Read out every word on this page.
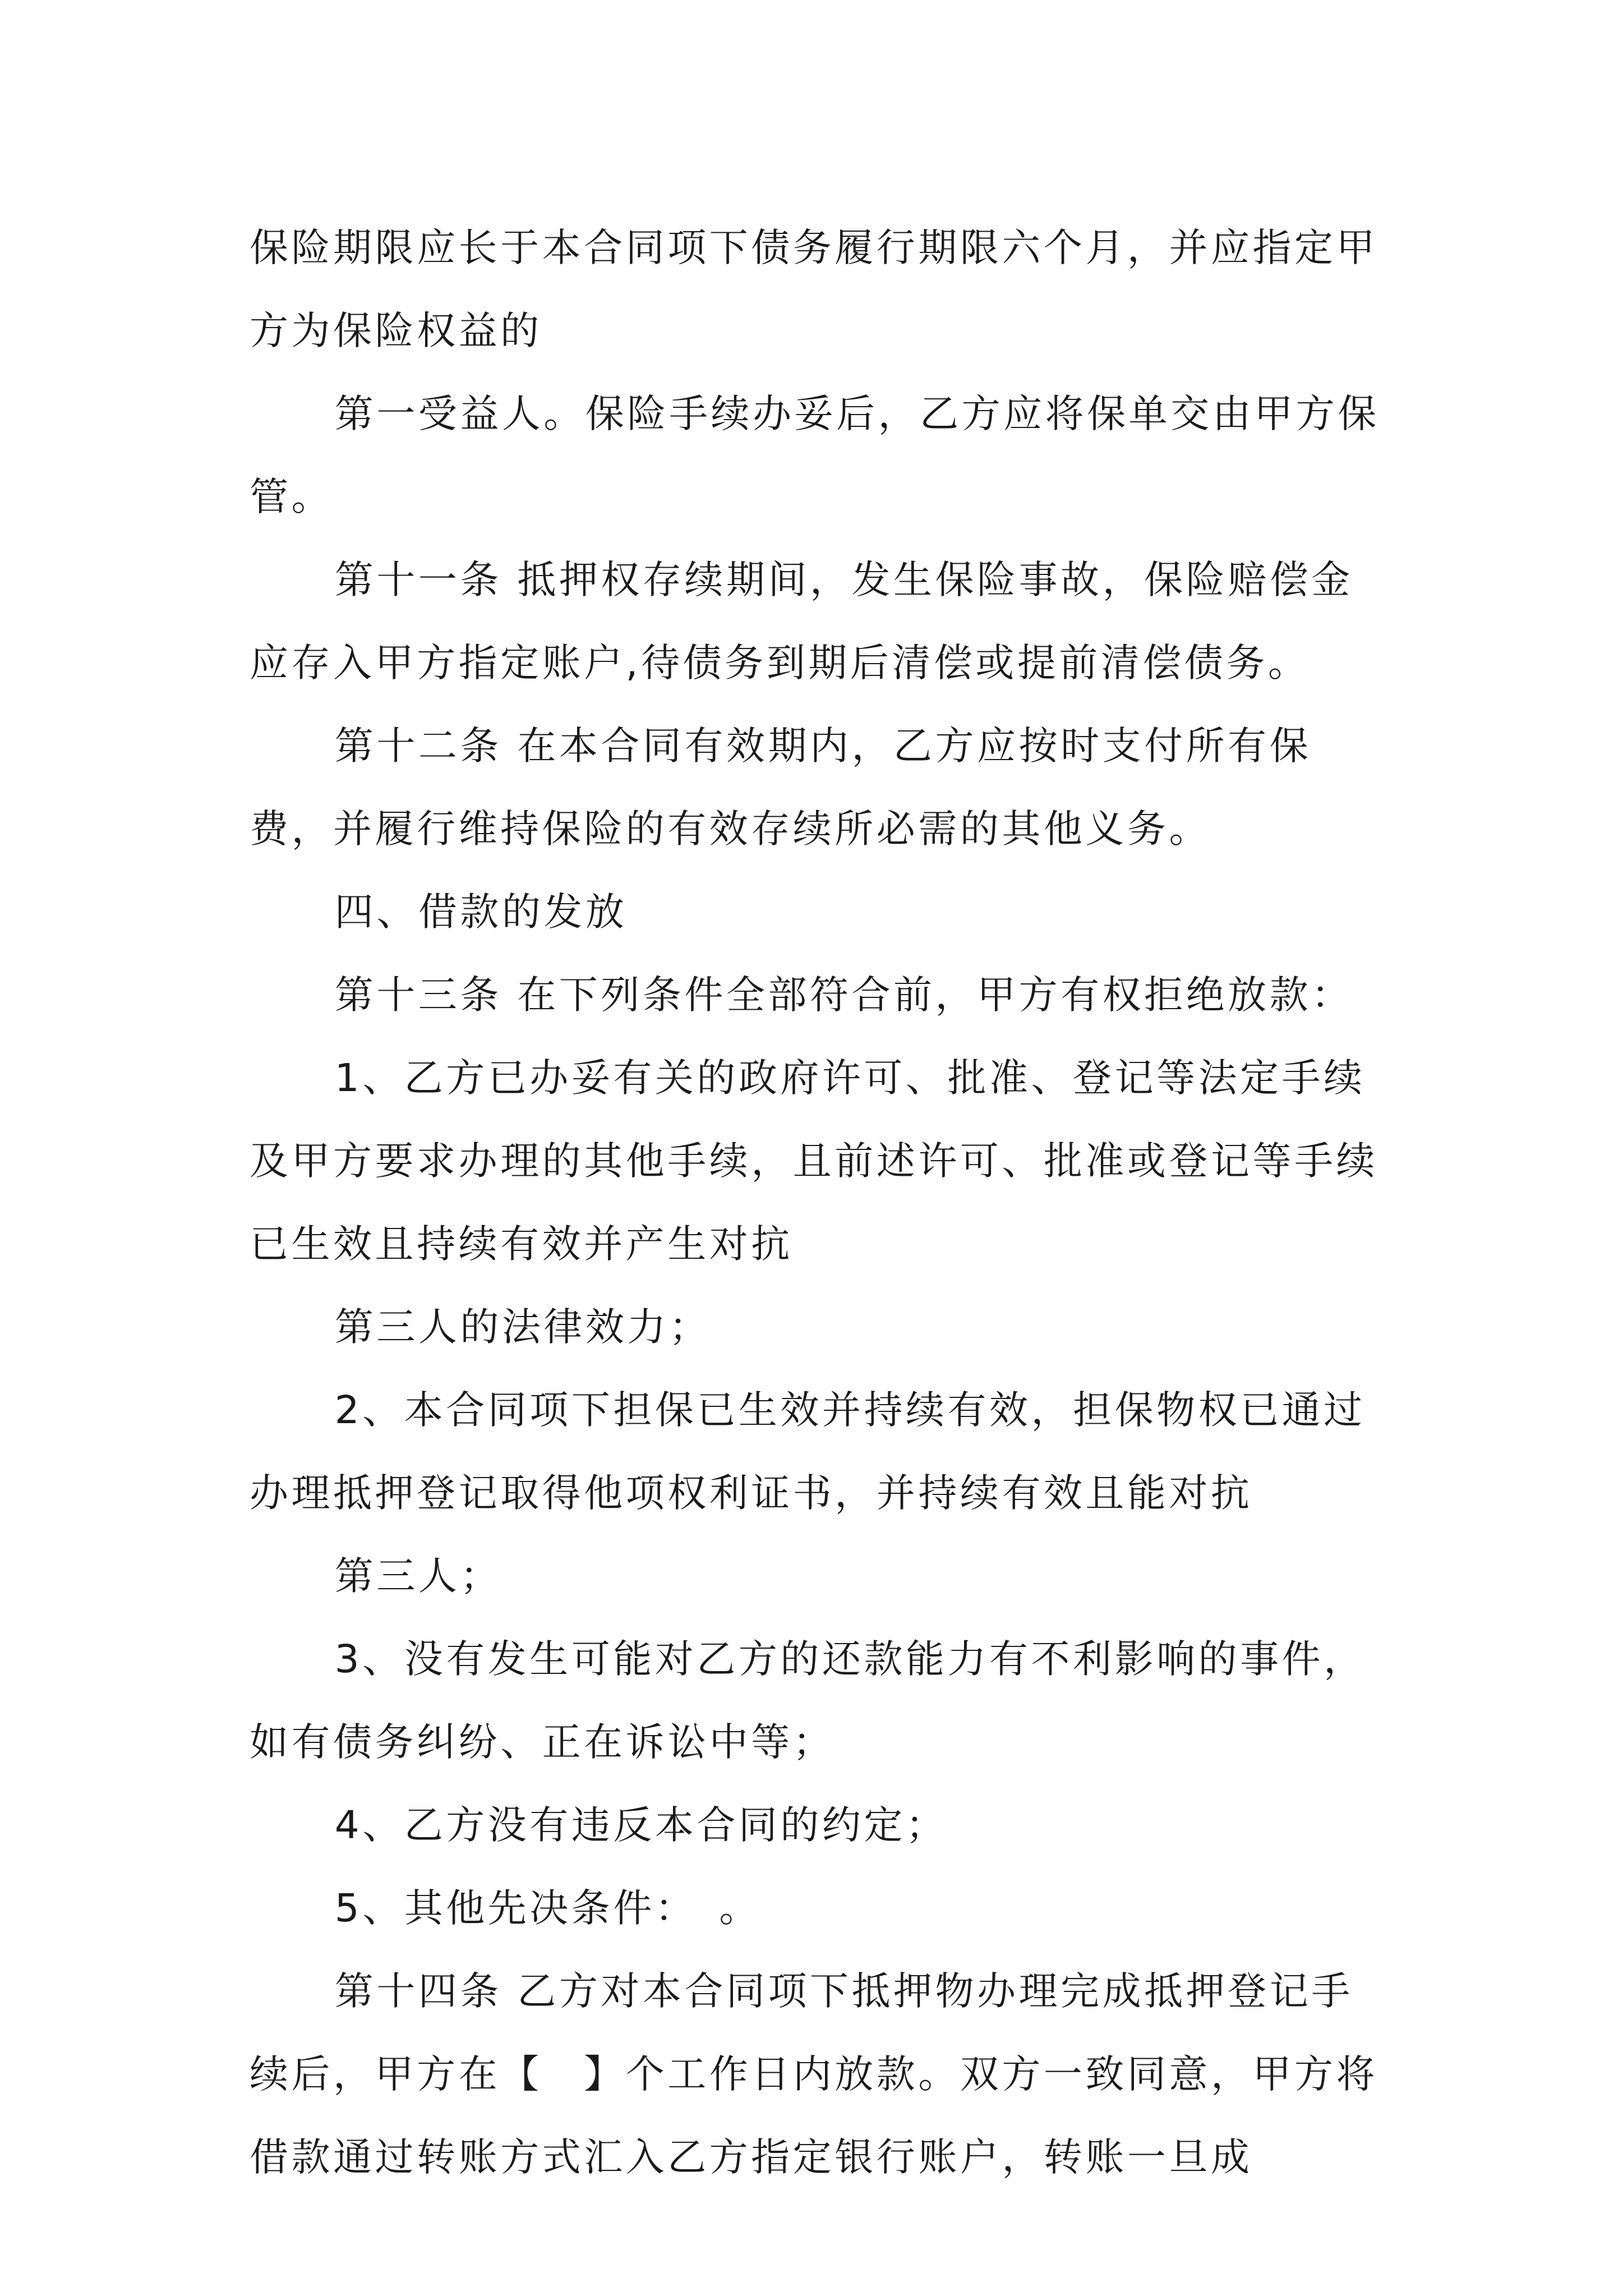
保险期限应长于本合同项下债务履行期限六个月，并应指定甲方为保险权益的

第一受益人。保险手续办妥后，乙方应将保单交由甲方保管。

第十一条 抵押权存续期间，发生保险事故，保险赔偿金应存入甲方指定账户,待债务到期后清偿或提前清偿债务。

第十二条 在本合同有效期内，乙方应按时支付所有保费，并履行维持保险的有效存续所必需的其他义务。

四、借款的发放

第十三条 在下列条件全部符合前，甲方有权拒绝放款：

1、乙方已办妥有关的政府许可、批准、登记等法定手续及甲方要求办理的其他手续，且前述许可、批准或登记等手续已生效且持续有效并产生对抗

第三人的法律效力；

2、本合同项下担保已生效并持续有效，担保物权已通过办理抵押登记取得他项权利证书，并持续有效且能对抗

第三人；

3、没有发生可能对乙方的还款能力有不利影响的事件，如有债务纠纷、正在诉讼中等；

4、乙方没有违反本合同的约定；

5、其他先决条件：　。

第十四条 乙方对本合同项下抵押物办理完成抵押登记手续后，甲方在【　】个工作日内放款。双方一致同意，甲方将借款通过转账方式汇入乙方指定银行账户，转账一旦成
